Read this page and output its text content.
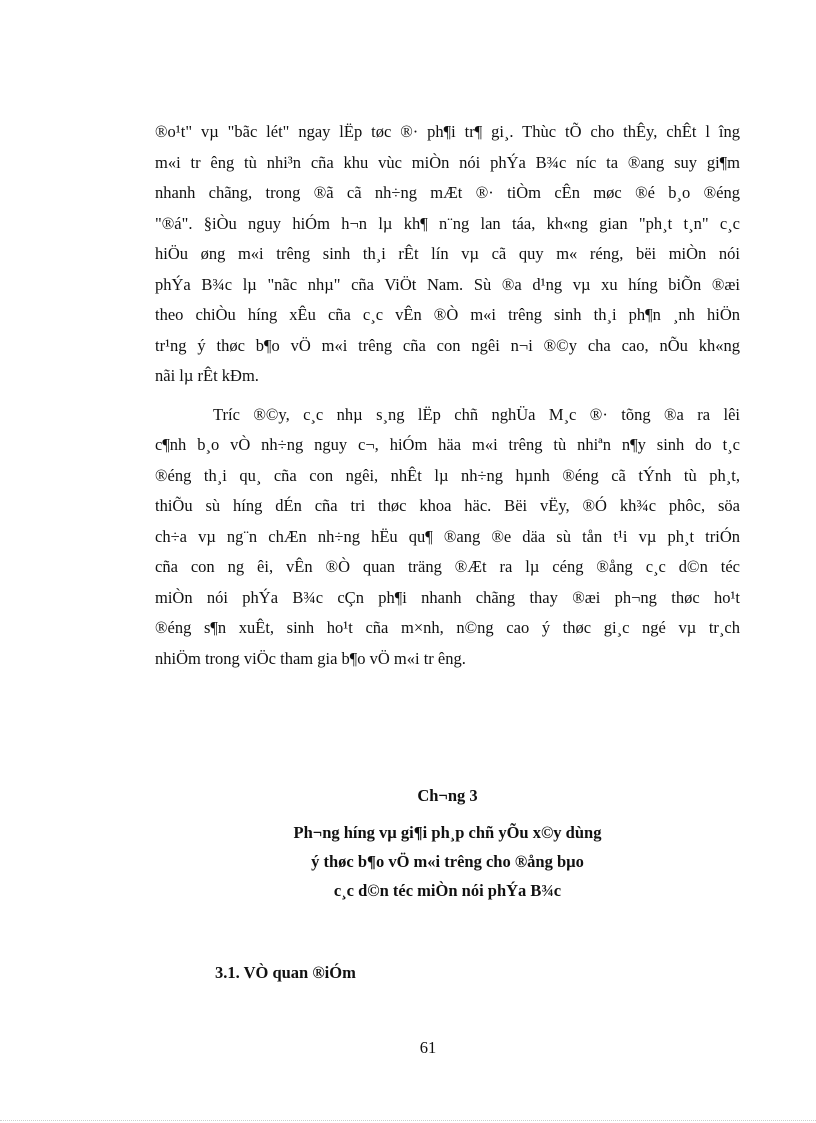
®o¹t" vµ "bãc lét" ngay lËp tøc ®· ph¶i tr¶ gi¸. Thùc tÕ cho thÊy, chÊt l îng
m«i tr êng tù nhi³n cña khu vùc miÒn nói phÝa B¾c níc ta ®ang suy gi¶m
nhanh chãng, trong ®ã cã nh÷ng mÆt ®· tiÒm cÊn møc ®é b¸o ®éng
"®á". §iÒu nguy hiÓm h¬n lµ kh¶ n¨ng lan táa, kh«ng gian "ph¸t t¸n" c¸c
hiÖu øng m«i trêng sinh th¸i rÊt lín vµ cã quy m« réng, bëi miÒn nói
phÝa B¾c lµ "nãc nhµ" cña ViÖt Nam. Sù ®a d¹ng vµ xu híng biÕn ®æi
theo chiÒu híng xÊu cña c¸c vÊn ®Ò m«i trêng sinh th¸i ph¶n ¸nh hiÖn
tr¹ng ý thøc b¶o vÖ m«i trêng cña con ngêi n¬i ®©y cha cao, nÕu kh«ng
nãi lµ rÊt kÐm.
Tríc ®©y, c¸c nhµ s¸ng lËp chñ nghÜa M¸c ®· tõng ®a ra lêi
c¶nh b¸o vÒ nh÷ng nguy c¬, hiÓm häa m«i trêng tù nhiªn n¶y sinh do t¸c
®éng th¸i qu¸ cña con ngêi, nhÊt lµ nh÷ng hµnh ®éng cã tÝnh tù ph¸t,
thiÕu sù híng dÉn cña tri thøc khoa häc. Bëi vËy, ®Ó kh¾c phôc, söa
ch÷a vµ ng¨n chÆn nh÷ng hËu qu¶ ®ang ®e däa sù tån t¹i vµ ph¸t triÓn
cña con ng êi, vÊn ®Ò quan träng ®Æt ra lµ céng ®ång c¸c d©n téc
miÒn nói phÝa B¾c cÇn ph¶i nhanh chãng thay ®æi ph¬ng thøc ho¹t
®éng s¶n xuÊt, sinh ho¹t cña m×nh, n©ng cao ý thøc gi¸c ngé vµ tr¸ch
nhiÖm trong viÖc tham gia b¶o vÖ m«i tr êng.
Ch¬ng 3
Ph¬ng híng vµ gi¶i ph¸p chñ yÕu x©y dùng
ý thøc b¶o vÖ m«i trêng cho ®ång bµo
c¸c d©n téc miÒn nói phÝa B¾c
3.1. VÒ quan ®iÓm
61
